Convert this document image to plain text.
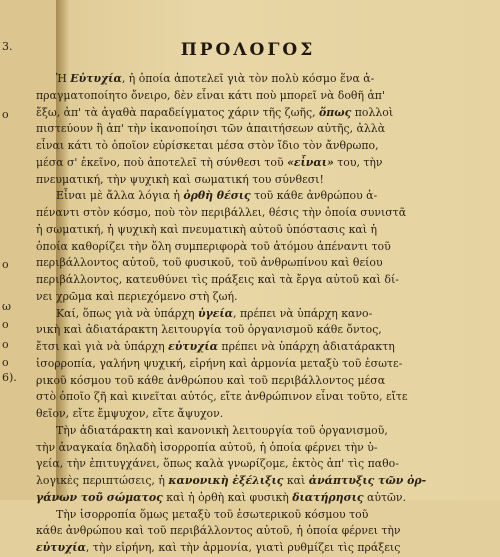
3.
ο
ο
ω
ο
ο
ο
6).
ΠΡΟΛΟΓΟΣ
Ἡ Εὐτυχία, ἡ ὁποία ἀποτελεῖ γιὰ τὸν πολὺ κόσμο ἕνα ἀ-
πραγματοποίητο ὄνειρο, δὲν εἶναι κάτι ποὺ μπορεῖ νὰ δοθῆ ἀπ'
ἔξω, ἀπ' τὰ ἀγαθὰ παραδείγματος χάριν τῆς ζωῆς, ὅπως πολλοὶ
πιστεύουν ἢ ἀπ' τὴν ἱκανοποίησι τῶν ἀπαιτήσεων αὐτῆς, ἀλλὰ
εἶναι κάτι τὸ ὁποῖον εὑρίσκεται μέσα στὸν ἴδιο τὸν ἄνθρωπο,
μέσα σ' ἐκεῖνο, ποὺ ἀποτελεῖ τὴ σύνθεσι τοῦ «εἶναι» του, τὴν
πνευματική, τὴν ψυχικὴ καὶ σωματική του σύνθεσι!
Εἶναι μὲ ἄλλα λόγια ἡ ὀρθὴ θέσις τοῦ κάθε ἀνθρώπου ἀ-
πέναντι στὸν κόσμο, ποὺ τὸν περιβάλλει, θέσις τὴν ὁποία συνιστᾶ
ἡ σωματική, ἡ ψυχικὴ καὶ πνευματικὴ αὐτοῦ ὑπόστασις καὶ ἡ
ὁποία καθορίζει τὴν ὅλη συμπεριφορὰ τοῦ ἀτόμου ἀπέναντι τοῦ
περιβάλλοντος αὐτοῦ, τοῦ φυσικοῦ, τοῦ ἀνθρωπίνου καὶ θείου
περιβάλλοντος, κατευθύνει τὶς πράξεις καὶ τὰ ἔργα αὐτοῦ καὶ δί-
νει χρῶμα καὶ περιεχόμενο στὴ ζωή.
Καί, ὅπως γιὰ νὰ ὑπάρχη ὑγεία, πρέπει νὰ ὑπάρχη κανο-
νικὴ καὶ ἀδιατάρακτη λειτουργία τοῦ ὀργανισμοῦ κάθε ὄντος,
ἔτσι καὶ γιὰ νὰ ὑπάρχη εὐτυχία πρέπει νὰ ὑπάρχη ἀδιατάρακτη
ἰσορροπία, γαλήνη ψυχική, εἰρήνη καὶ ἁρμονία μεταξὺ τοῦ ἐσωτε-
ρικοῦ κόσμου τοῦ κάθε ἀνθρώπου καὶ τοῦ περιβάλλοντος μέσα
στὸ ὁποῖο ζῆ καὶ κινεῖται αὐτός, εἴτε ἀνθρώπινον εἶναι τοῦτο, εἴτε
θεῖον, εἴτε ἔμψυχον, εἴτε ἄψυχον.
Τὴν ἀδιατάρακτη καὶ κανονικὴ λειτουργία τοῦ ὀργανισμοῦ,
τὴν ἀναγκαία δηλαδὴ ἰσορροπία αὐτοῦ, ἡ ὁποία φέρνει τὴν ὑ-
γεία, τὴν ἐπιτυγχάνει, ὅπως καλὰ γνωρίζομε, ἐκτὸς ἀπ' τὶς παθο-
λογικὲς περιπτώσεις, ἡ κανονικὴ ἐξέλιξις καὶ ἀνάπτυξις τῶν ὀρ-
γάνων τοῦ σώματος καὶ ἡ ὀρθὴ καὶ φυσικὴ διατήρησις αὐτῶν.
Τὴν ἰσορροπία ὅμως μεταξὺ τοῦ ἐσωτερικοῦ κόσμου τοῦ
κάθε ἀνθρώπου καὶ τοῦ περιβάλλοντος αὐτοῦ, ἡ ὁποία φέρνει τὴν
εὐτυχία, τὴν εἰρήνη, καὶ τὴν ἁρμονία, γιατὶ ρυθμίζει τὶς πράξεις
